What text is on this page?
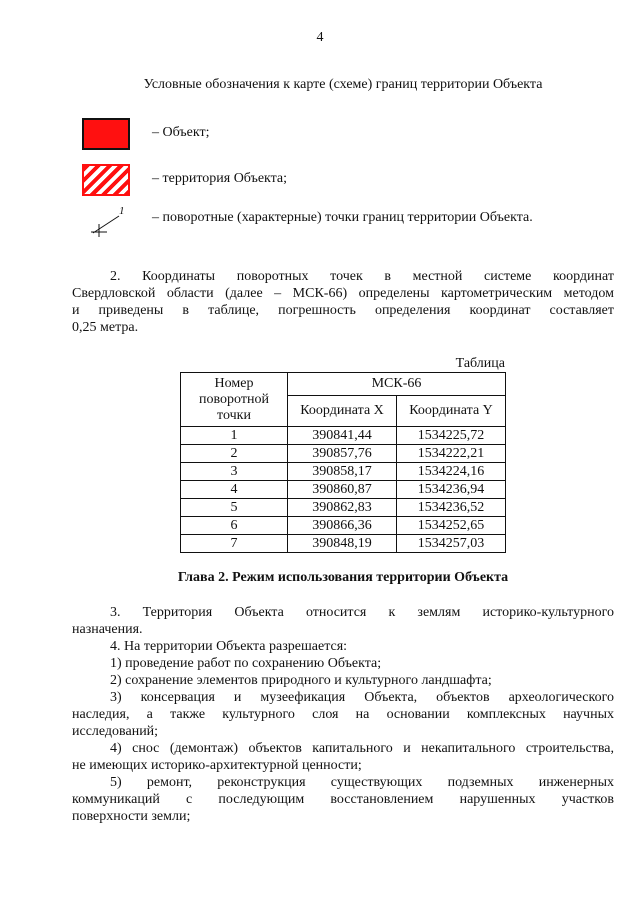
4
Условные обозначения к карте (схеме) границ территории Объекта
– Объект;
– территория Объекта;
1 – поворотные (характерные) точки границ территории Объекта.
2. Координаты поворотных точек в местной системе координат
Свердловской области (далее – МСК-66) определены картометрическим методом
и приведены в таблице, погрешность определения координат составляет
0,25 метра.
Таблица
Номер поворотной точки	МСК-66	
	Координата X	Координата Y
1	390841,44	1534225,72
2	390857,76	1534222,21
3	390858,17	1534224,16
4	390860,87	1534236,94
5	390862,83	1534236,52
6	390866,36	1534252,65
7	390848,19	1534257,03
Глава 2. Режим использования территории Объекта
3. Территория Объекта относится к землям историко-культурного
назначения.
4. На территории Объекта разрешается:
1) проведение работ по сохранению Объекта;
2) сохранение элементов природного и культурного ландшафта;
3) консервация и музеефикация Объекта, объектов археологического
наследия, а также культурного слоя на основании комплексных научных
исследований;
4) снос (демонтаж) объектов капитального и некапитального строительства,
не имеющих историко-архитектурной ценности;
5) ремонт, реконструкция существующих подземных инженерных
коммуникаций с последующим восстановлением нарушенных участков
поверхности земли;
